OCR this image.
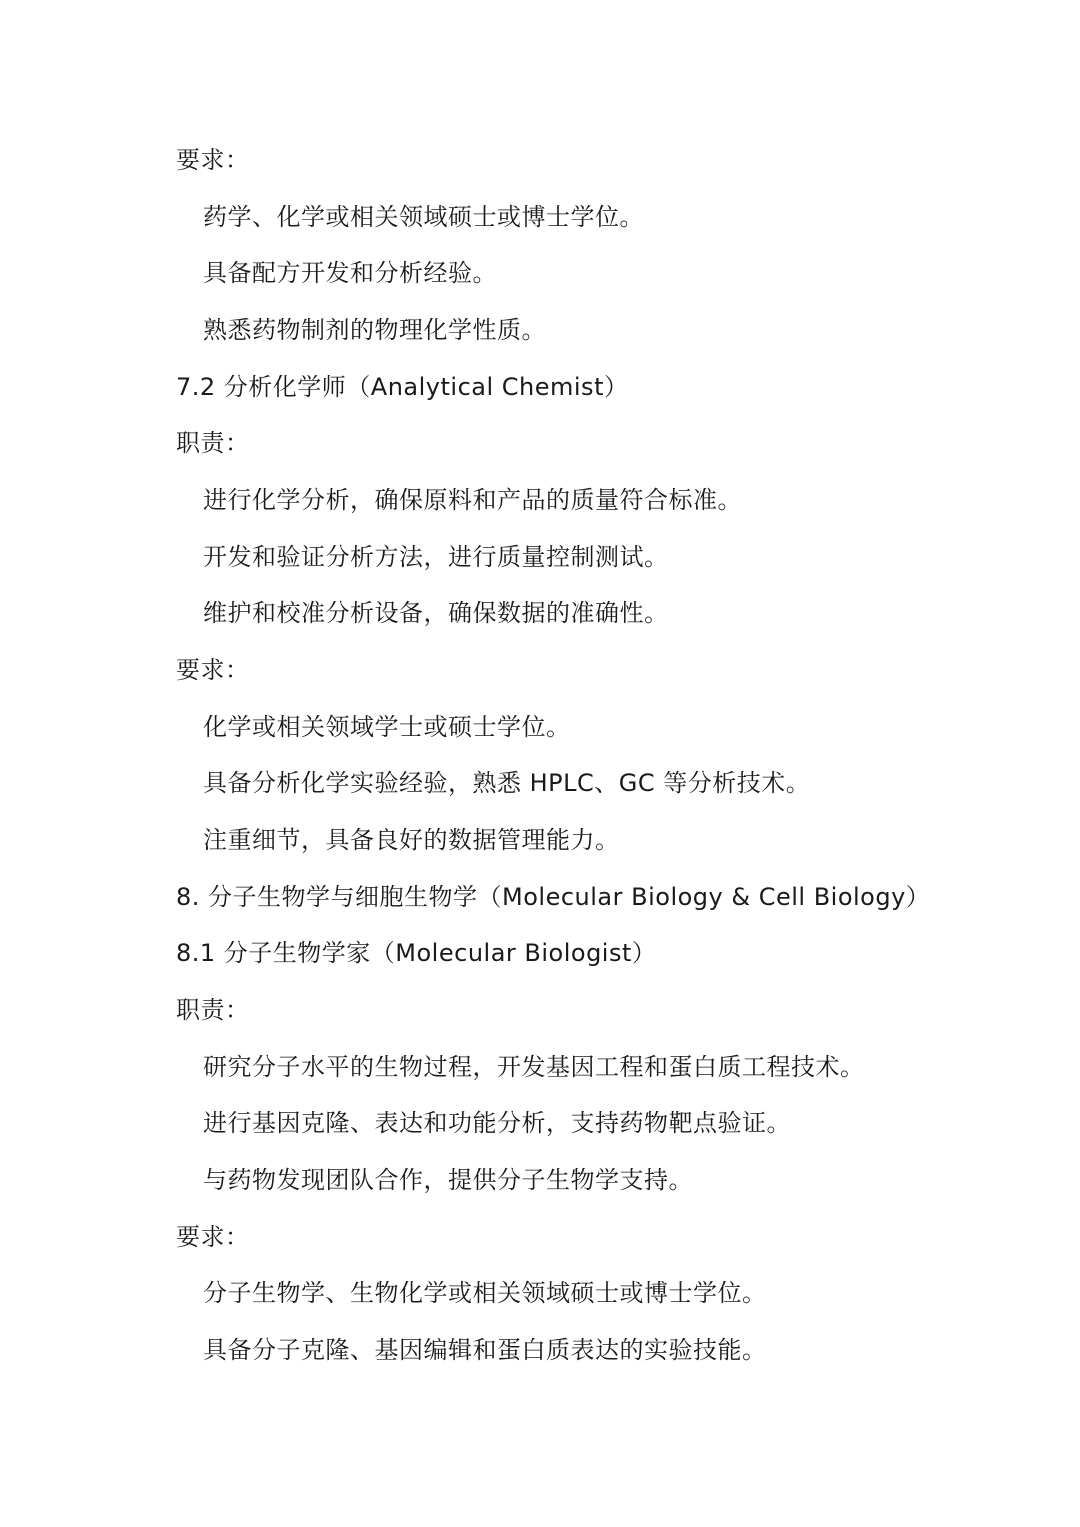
要求：
药学、化学或相关领域硕士或博士学位。
具备配方开发和分析经验。
熟悉药物制剂的物理化学性质。
7.2 分析化学师（Analytical Chemist）
职责：
进行化学分析，确保原料和产品的质量符合标准。
开发和验证分析方法，进行质量控制测试。
维护和校准分析设备，确保数据的准确性。
要求：
化学或相关领域学士或硕士学位。
具备分析化学实验经验，熟悉 HPLC、GC 等分析技术。
注重细节，具备良好的数据管理能力。
8. 分子生物学与细胞生物学（Molecular Biology & Cell Biology）
8.1 分子生物学家（Molecular Biologist）
职责：
研究分子水平的生物过程，开发基因工程和蛋白质工程技术。
进行基因克隆、表达和功能分析，支持药物靶点验证。
与药物发现团队合作，提供分子生物学支持。
要求：
分子生物学、生物化学或相关领域硕士或博士学位。
具备分子克隆、基因编辑和蛋白质表达的实验技能。
